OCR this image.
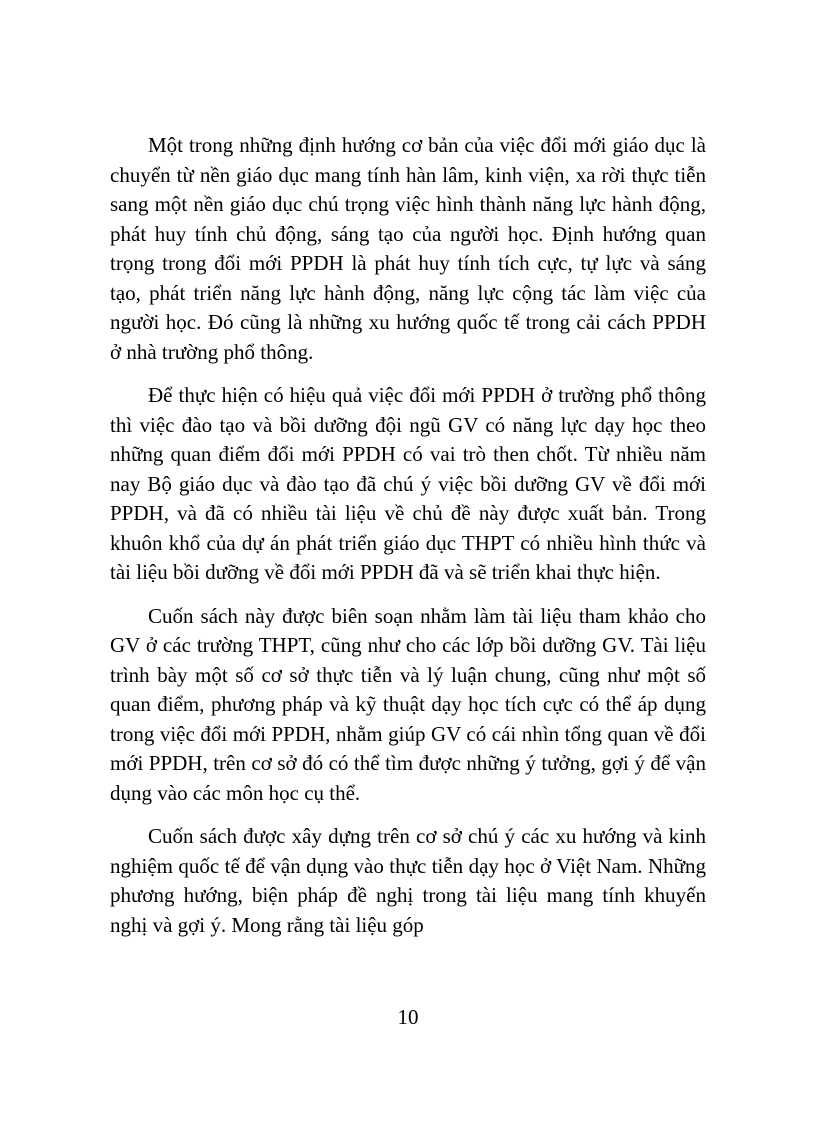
Một trong những định hướng cơ bản của việc đổi mới giáo dục là chuyển từ nền giáo dục mang tính hàn lâm, kinh viện, xa rời thực tiễn sang một nền giáo dục chú trọng việc hình thành năng lực hành động, phát huy tính chủ động, sáng tạo của người học. Định hướng quan trọng trong đổi mới PPDH là phát huy tính tích cực, tự lực và sáng tạo, phát triển năng lực hành động, năng lực cộng tác làm việc của người học. Đó cũng là những xu hướng quốc tế trong cải cách PPDH ở nhà trường phổ thông.

Để thực hiện có hiệu quả việc đổi mới PPDH ở trường phổ thông thì việc đào tạo và bồi dưỡng đội ngũ GV có năng lực dạy học theo những quan điểm đổi mới PPDH có vai trò then chốt. Từ nhiều năm nay Bộ giáo dục và đào tạo đã chú ý việc bồi dưỡng GV về đổi mới PPDH, và đã có nhiều tài liệu về chủ đề này được xuất bản. Trong khuôn khổ của dự án phát triển giáo dục THPT có nhiều hình thức và tài liệu bồi dưỡng về đổi mới PPDH đã và sẽ triển khai thực hiện.

Cuốn sách này được biên soạn nhằm làm tài liệu tham khảo cho GV ở các trường THPT, cũng như cho các lớp bồi dưỡng GV. Tài liệu trình bày một số cơ sở thực tiễn và lý luận chung, cũng như một số quan điểm, phương pháp và kỹ thuật dạy học tích cực có thể áp dụng trong việc đổi mới PPDH, nhằm giúp GV có cái nhìn tổng quan về đổi mới PPDH, trên cơ sở đó có thể tìm được những ý tưởng, gợi ý để vận dụng vào các môn học cụ thể.

Cuốn sách được xây dựng trên cơ sở chú ý các xu hướng và kinh nghiệm quốc tế để vận dụng vào thực tiễn dạy học ở Việt Nam. Những phương hướng, biện pháp đề nghị trong tài liệu mang tính khuyến nghị và gợi ý. Mong rằng tài liệu góp

10
